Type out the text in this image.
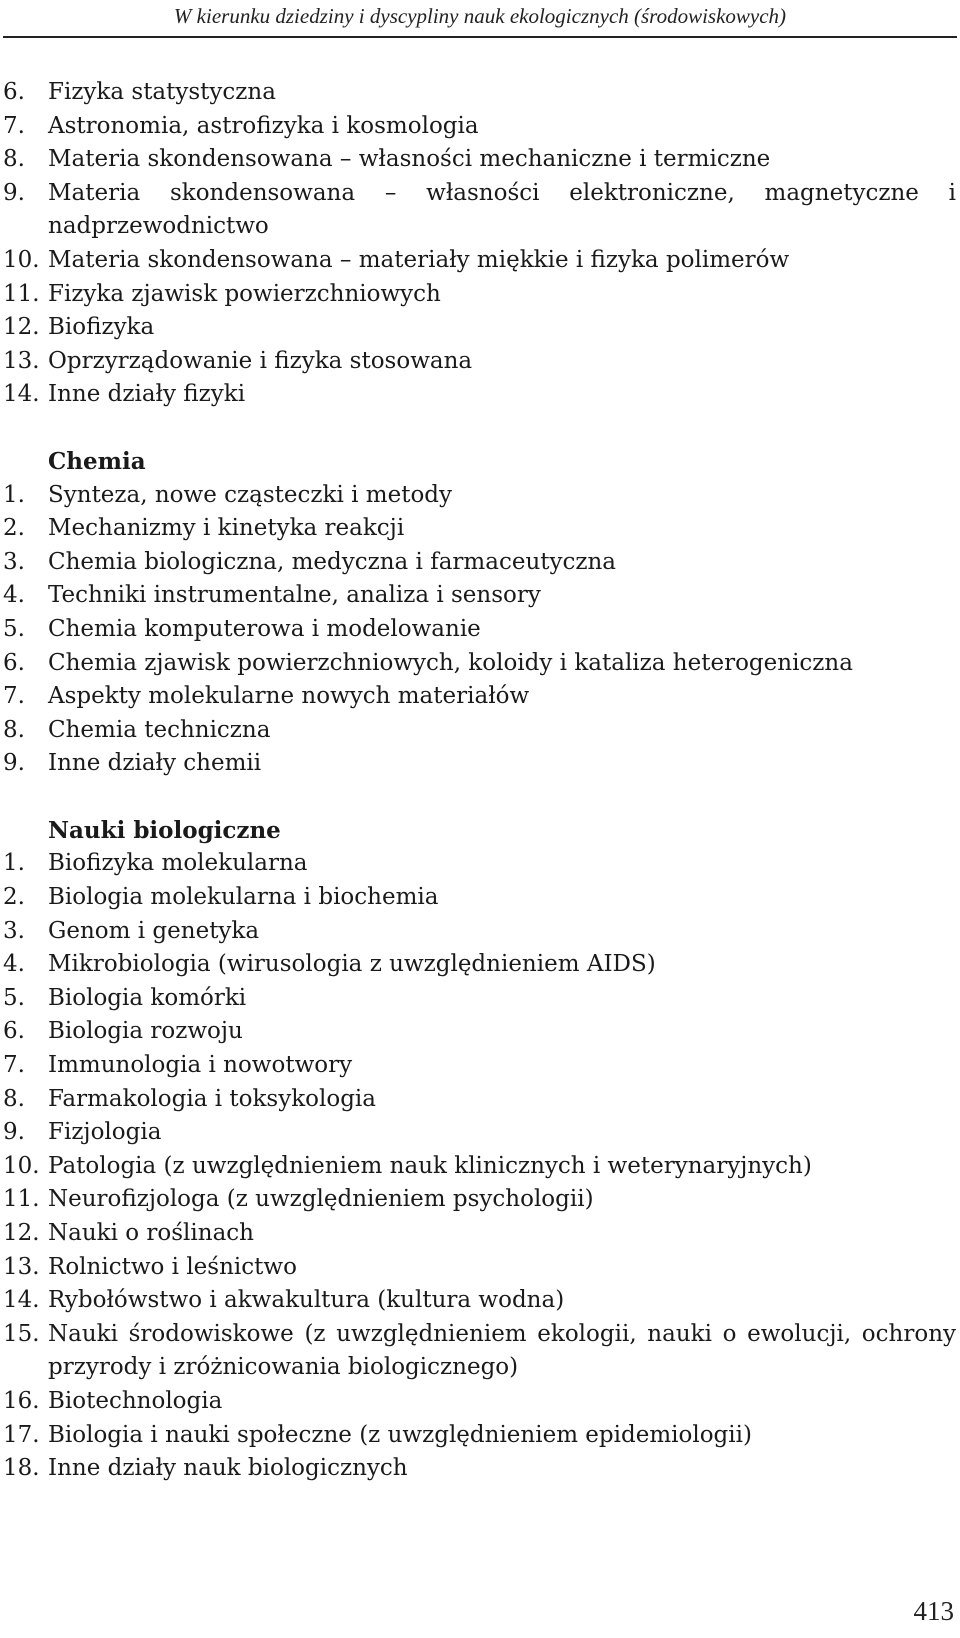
W kierunku dziedziny i dyscypliny nauk ekologicznych (środowiskowych)
6. Fizyka statystyczna
7. Astronomia, astrofizyka i kosmologia
8. Materia skondensowana – własności mechaniczne i termiczne
9. Materia skondensowana – własności elektroniczne, magnetyczne i nadprzewodnictwo
10. Materia skondensowana – materiały miękkie i fizyka polimerów
11. Fizyka zjawisk powierzchniowych
12. Biofizyka
13. Oprzyrządowanie i fizyka stosowana
14. Inne działy fizyki
Chemia
1. Synteza, nowe cząsteczki i metody
2. Mechanizmy i kinetyka reakcji
3. Chemia biologiczna, medyczna i farmaceutyczna
4. Techniki instrumentalne, analiza i sensory
5. Chemia komputerowa i modelowanie
6. Chemia zjawisk powierzchniowych, koloidy i kataliza heterogeniczna
7. Aspekty molekularne nowych materiałów
8. Chemia techniczna
9. Inne działy chemii
Nauki biologiczne
1. Biofizyka molekularna
2. Biologia molekularna i biochemia
3. Genom i genetyka
4. Mikrobiologia (wirusologia z uwzględnieniem AIDS)
5. Biologia komórki
6. Biologia rozwoju
7. Immunologia i nowotwory
8. Farmakologia i toksykologia
9. Fizjologia
10. Patologia (z uwzględnieniem nauk klinicznych i weterynaryjnych)
11. Neurofizjologa (z uwzględnieniem psychologii)
12. Nauki o roślinach
13. Rolnictwo i leśnictwo
14. Rybołówstwo i akwakultura (kultura wodna)
15. Nauki środowiskowe (z uwzględnieniem ekologii, nauki o ewolucji, ochrony przyrody i zróżnicowania biologicznego)
16. Biotechnologia
17. Biologia i nauki społeczne (z uwzględnieniem epidemiologii)
18. Inne działy nauk biologicznych
413
